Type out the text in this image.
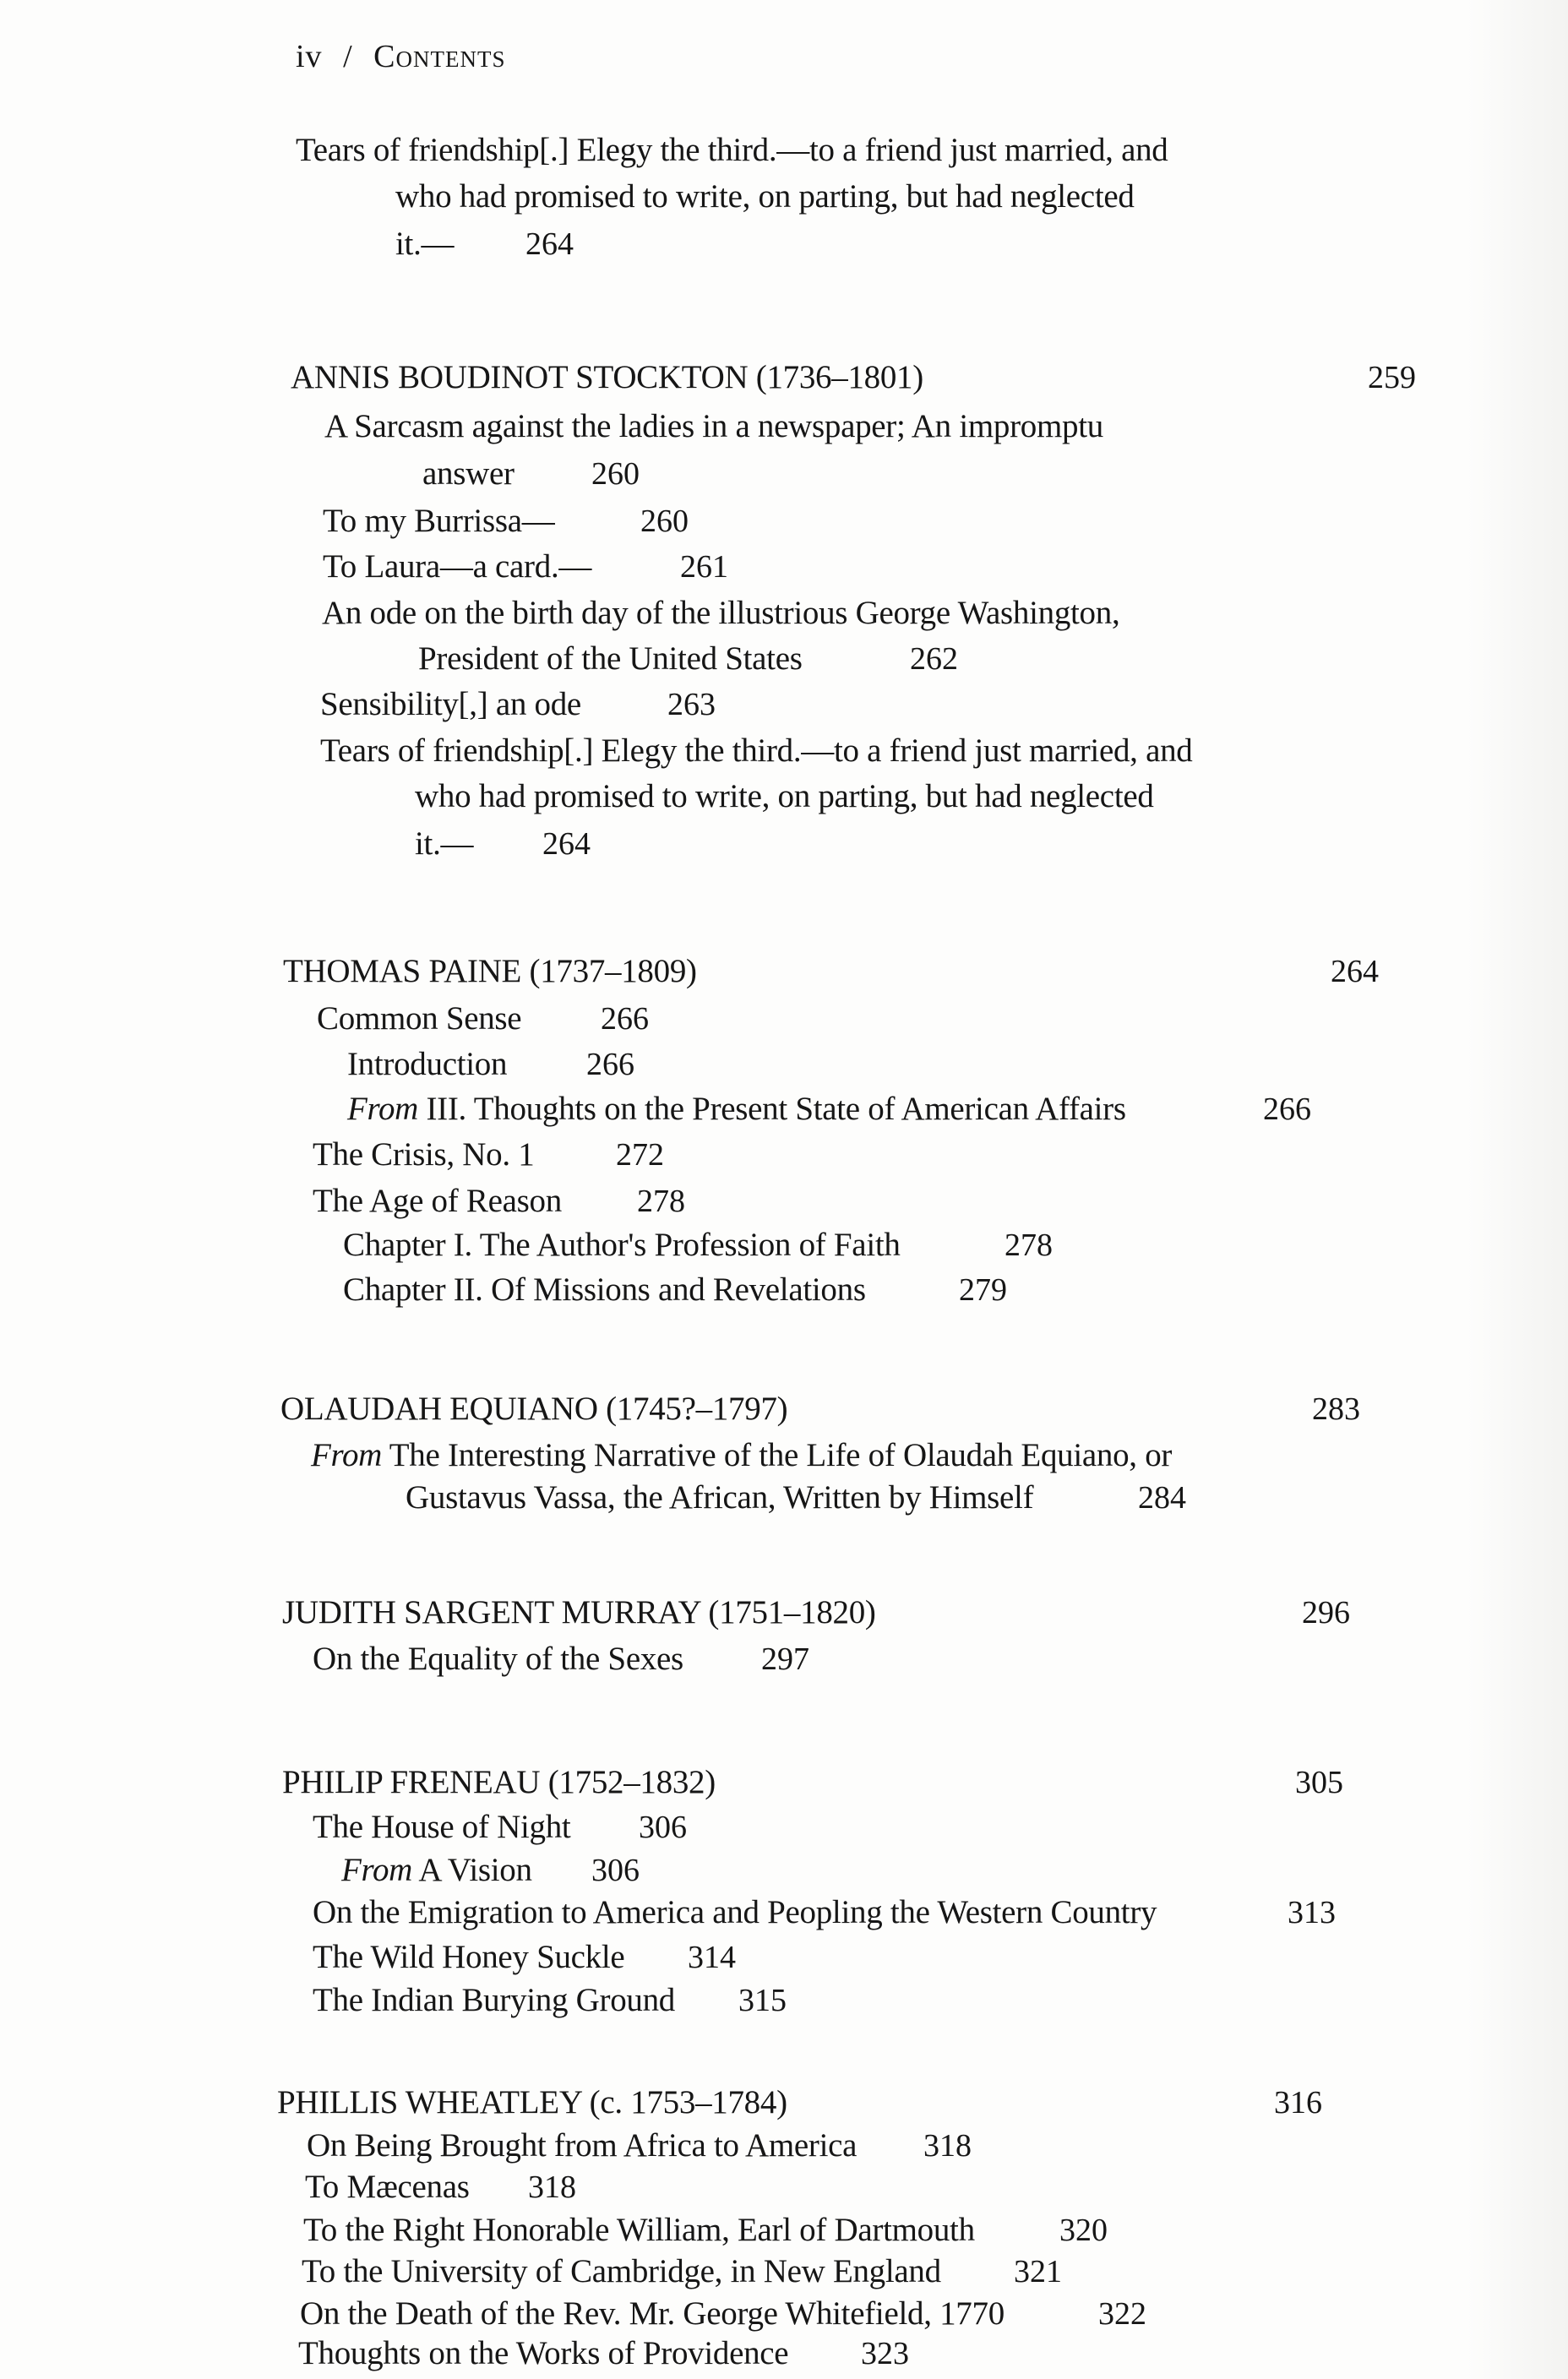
iv / Contents
Tears of friendship[.] Elegy the third.—to a friend just married, and
who had promised to write, on parting, but had neglected
it.— 264
ANNIS BOUDINOT STOCKTON (1736–1801)	259
A Sarcasm against the ladies in a newspaper; An impromptu
answer 260
To my Burrissa—	260
To Laura—a card.—	261
An ode on the birth day of the illustrious George Washington,
President of the United States	262
Sensibility[,] an ode	263
Tears of friendship[.] Elegy the third.—to a friend just married, and
who had promised to write, on parting, but had neglected
it.— 264
THOMAS PAINE (1737–1809)	264
Common Sense 266
Introduction 266
From III. Thoughts on the Present State of American Affairs	266
The Crisis, No. 1	272
The Age of Reason 278
Chapter I. The Author's Profession of Faith	278
Chapter II. Of Missions and Revelations	279
OLAUDAH EQUIANO (1745?–1797)	283
From The Interesting Narrative of the Life of Olaudah Equiano, or
Gustavus Vassa, the African, Written by Himself	284
JUDITH SARGENT MURRAY (1751–1820)	296
On the Equality of the Sexes 297
PHILIP FRENEAU (1752–1832)	305
The House of Night 306
From A Vision 306
On the Emigration to America and Peopling the Western Country	313
The Wild Honey Suckle 314
The Indian Burying Ground 315
PHILLIS WHEATLEY (c. 1753–1784)	316
On Being Brought from Africa to America 318
To Mæcenas 318
To the Right Honorable William, Earl of Dartmouth	320
To the University of Cambridge, in New England 321
On the Death of the Rev. Mr. George Whitefield, 1770	322
Thoughts on the Works of Providence 323
